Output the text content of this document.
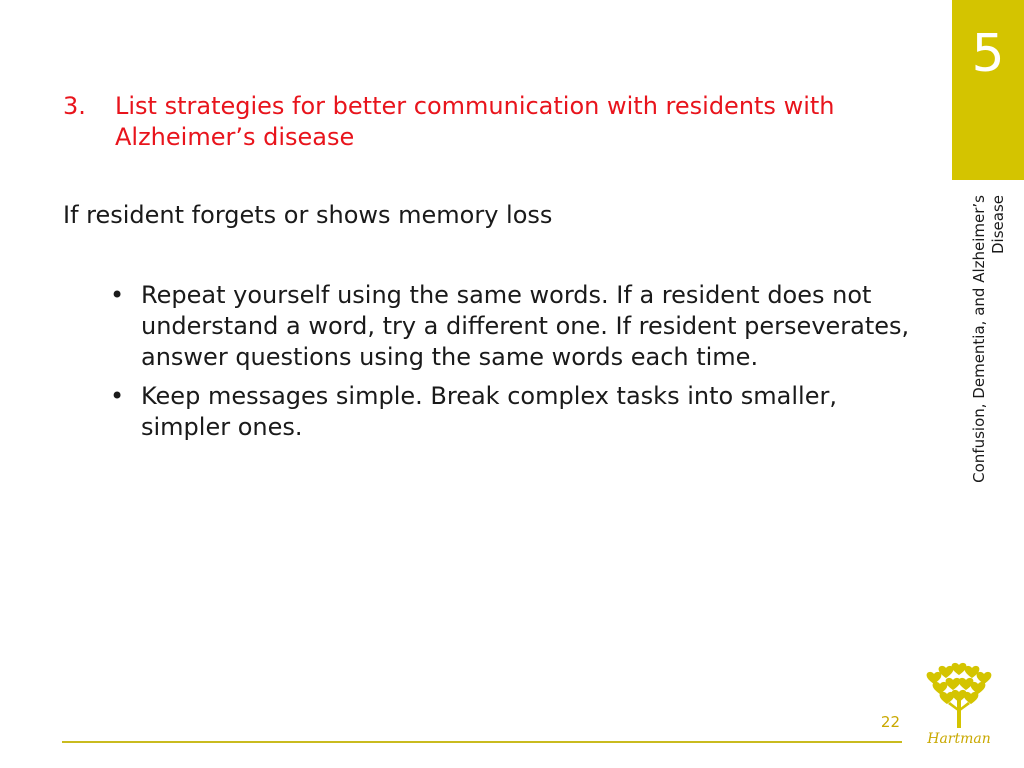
5
Confusion, Dementia, and Alzheimer’s Disease
3.	List strategies for better communication with residents with Alzheimer’s disease
If resident forgets or shows memory loss
• Repeat yourself using the same words. If a resident does not understand a word, try a different one. If resident perseverates, answer questions using the same words each time.
• Keep messages simple. Break complex tasks into smaller, simpler ones.
22
Hartman
